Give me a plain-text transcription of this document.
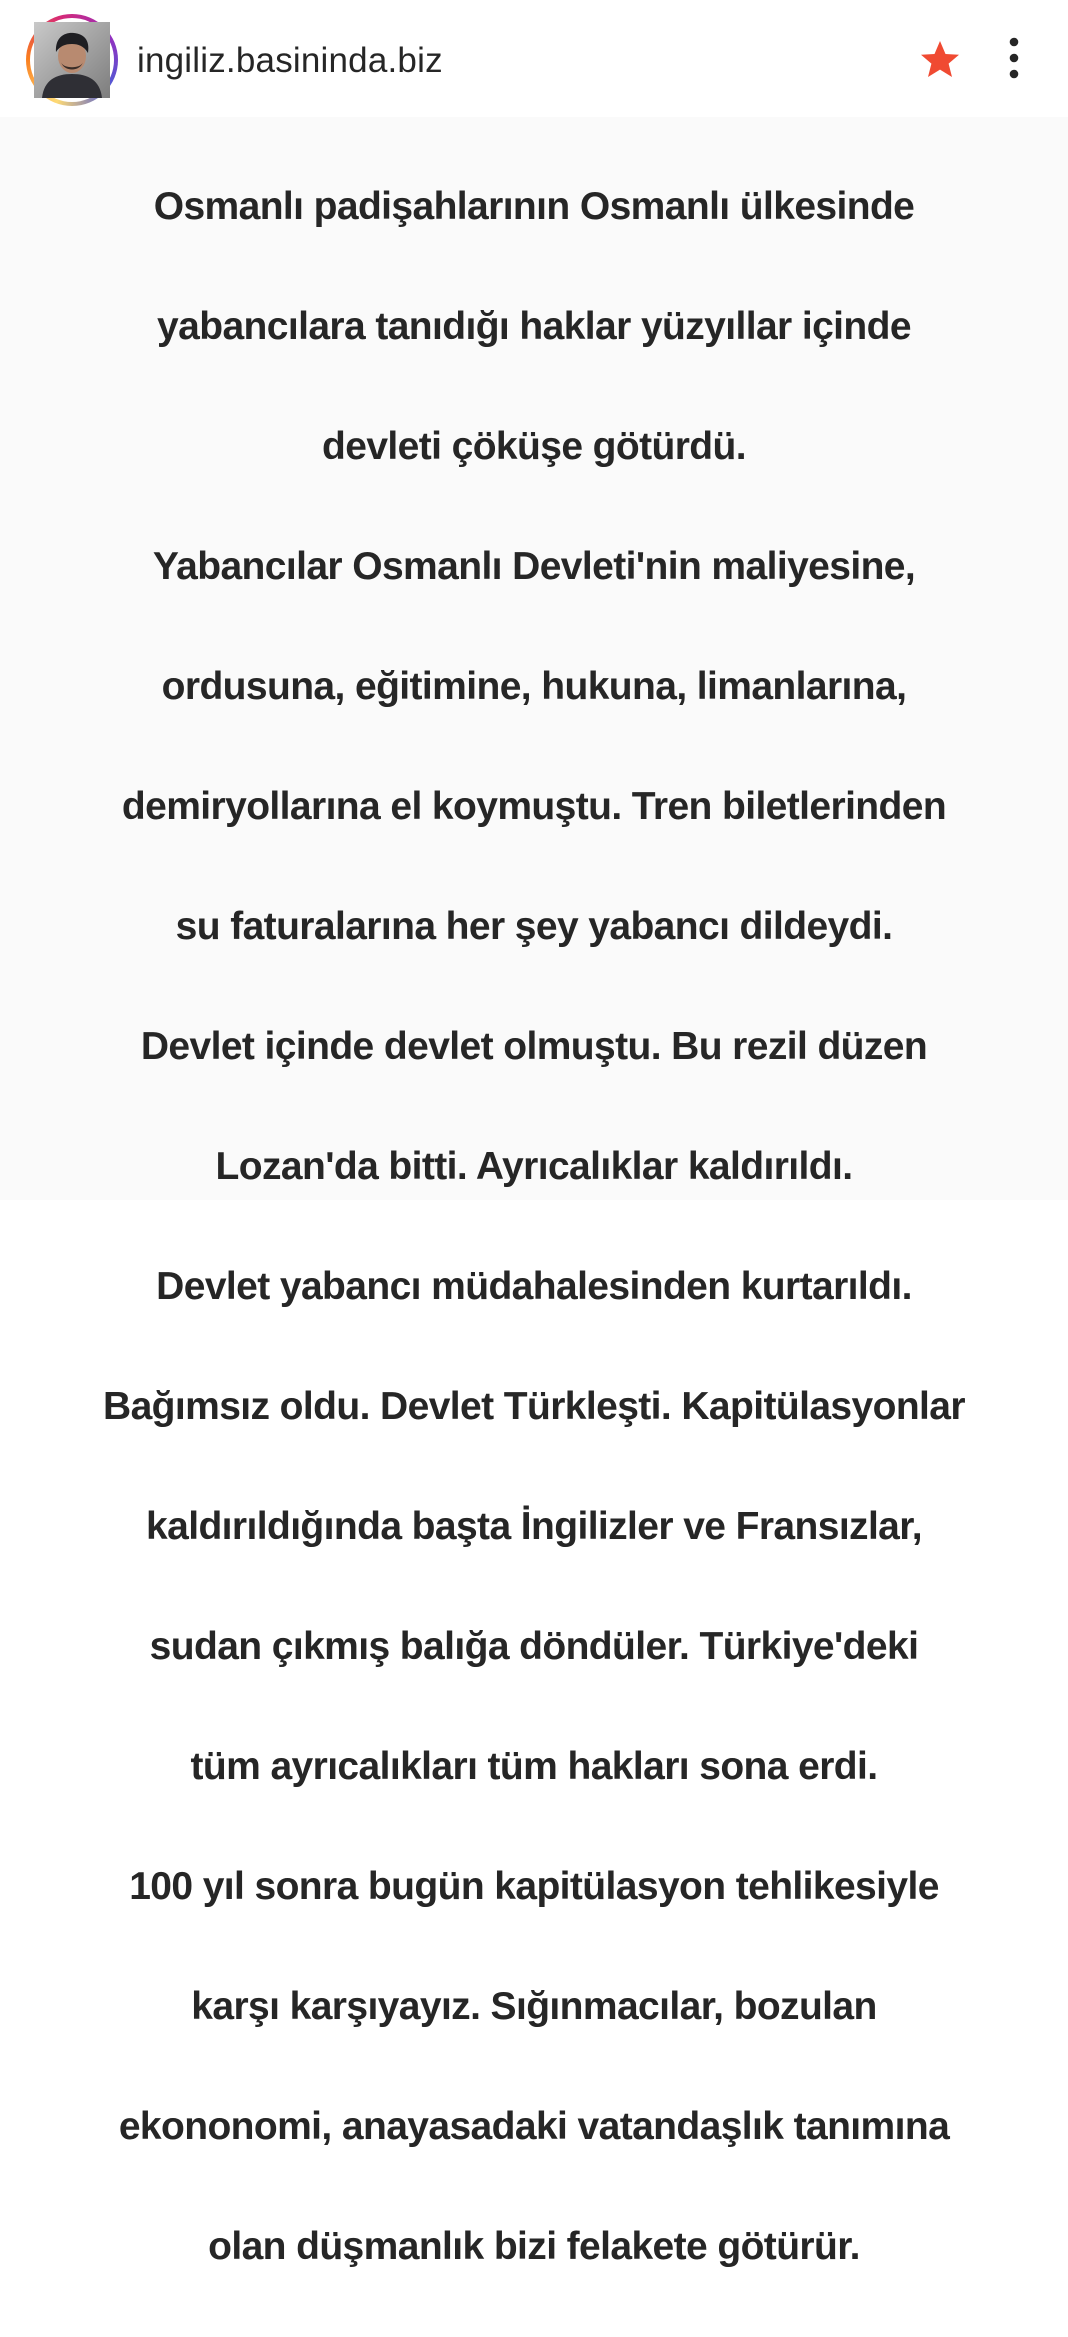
ingiliz.basininda.biz

Osmanlı padişahlarının Osmanlı ülkesinde

yabancılara tanıdığı haklar yüzyıllar içinde

devleti çöküşe götürdü.

Yabancılar Osmanlı Devleti'nin maliyesine,

ordusuna, eğitimine, hukuna, limanlarına,

demiryollarına el koymuştu. Tren biletlerinden

su faturalarına her şey yabancı dildeydi.

Devlet içinde devlet olmuştu. Bu rezil düzen

Lozan'da bitti. Ayrıcalıklar kaldırıldı.

Devlet yabancı müdahalesinden kurtarıldı.

Bağımsız oldu. Devlet Türkleşti. Kapitülasyonlar

kaldırıldığında başta İngilizler ve Fransızlar,

sudan çıkmış balığa döndüler. Türkiye'deki

tüm ayrıcalıkları tüm hakları sona erdi.

100 yıl sonra bugün kapitülasyon tehlikesiyle

karşı karşıyayız. Sığınmacılar, bozulan

ekononomi, anayasadaki vatandaşlık tanımına

olan düşmanlık bizi felakete götürür.
